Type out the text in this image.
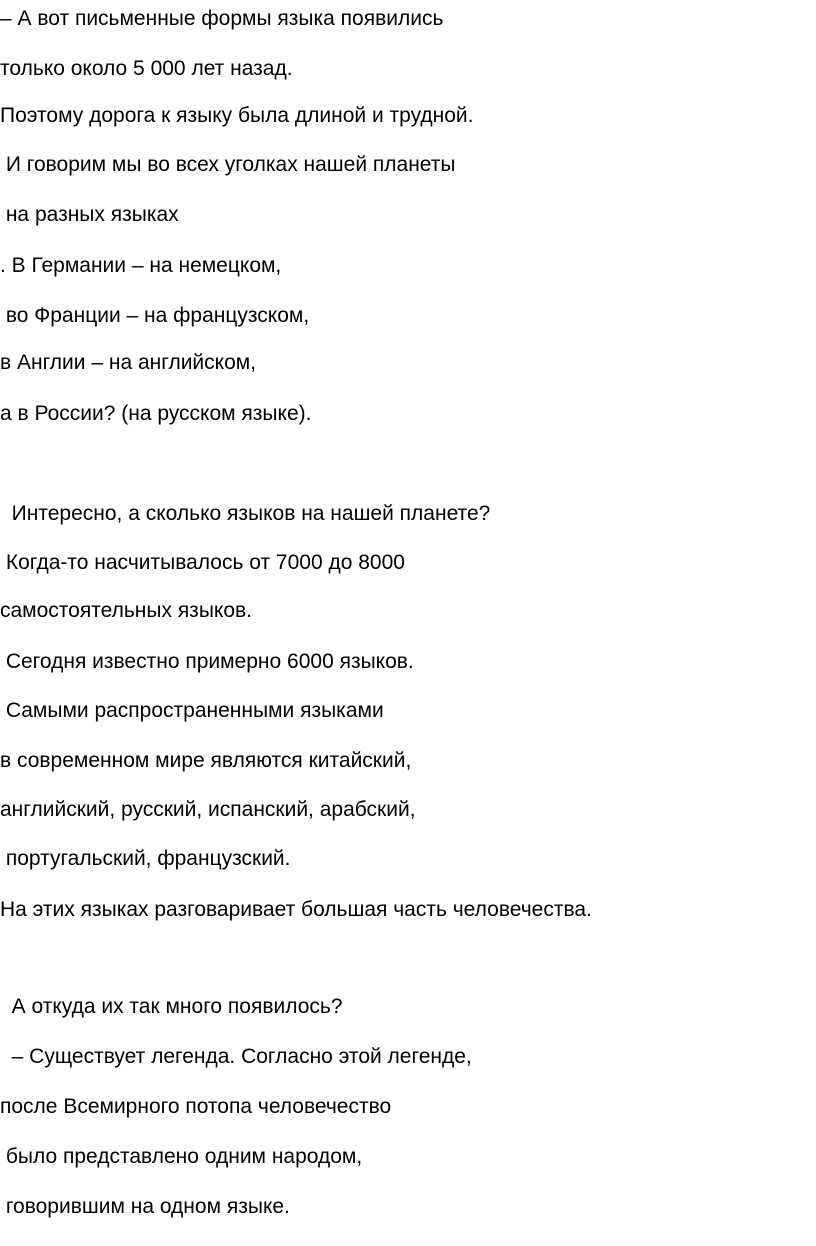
– А вот письменные формы языка появились

только около 5 000 лет назад.

Поэтому дорога к языку была длиной и трудной.

И говорим мы во всех уголках нашей планеты

на разных языках

. В Германии – на немецком,

во Франции – на французском,

в Англии – на английском,

а в России? (на русском языке).

Интересно, а сколько языков на нашей планете?

Когда-то насчитывалось от 7000 до 8000

самостоятельных языков.

Сегодня известно примерно 6000 языков.

Самыми распространенными языками

в современном мире являются китайский,

английский, русский, испанский, арабский,

португальский, французский.

На этих языках разговаривает большая часть человечества.

А откуда их так много появилось?

– Существует легенда. Согласно этой легенде,

после Всемирного потопа человечество

было представлено одним народом,

говорившим на одном языке.
